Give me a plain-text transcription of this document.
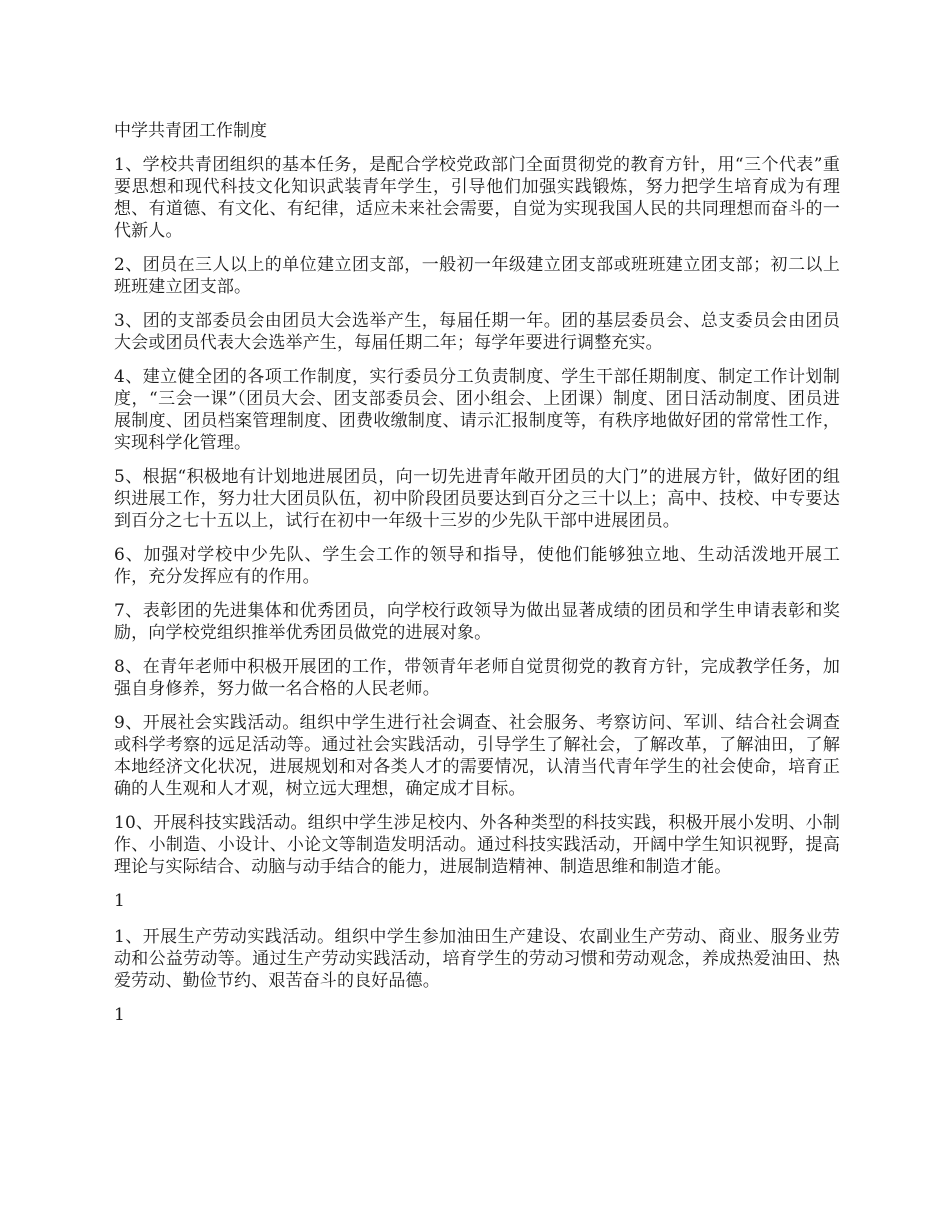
中学共青团工作制度

1、学校共青团组织的基本任务，是配合学校党政部门全面贯彻党的教育方针，用“三个代表”重要思想和现代科技文化知识武装青年学生，引导他们加强实践锻炼，努力把学生培育成为有理想、有道德、有文化、有纪律，适应未来社会需要，自觉为实现我国人民的共同理想而奋斗的一代新人。

2、团员在三人以上的单位建立团支部，一般初一年级建立团支部或班班建立团支部；初二以上班班建立团支部。

3、团的支部委员会由团员大会选举产生，每届任期一年。团的基层委员会、总支委员会由团员大会或团员代表大会选举产生，每届任期二年；每学年要进行调整充实。

4、建立健全团的各项工作制度，实行委员分工负责制度、学生干部任期制度、制定工作计划制度，“三会一课”（团员大会、团支部委员会、团小组会、上团课）制度、团日活动制度、团员进展制度、团员档案管理制度、团费收缴制度、请示汇报制度等，有秩序地做好团的常常性工作，实现科学化管理。

5、根据“积极地有计划地进展团员，向一切先进青年敞开团员的大门”的进展方针，做好团的组织进展工作，努力壮大团员队伍，初中阶段团员要达到百分之三十以上；高中、技校、中专要达到百分之七十五以上，试行在初中一年级十三岁的少先队干部中进展团员。

6、加强对学校中少先队、学生会工作的领导和指导，使他们能够独立地、生动活泼地开展工作，充分发挥应有的作用。

7、表彰团的先进集体和优秀团员，向学校行政领导为做出显著成绩的团员和学生申请表彰和奖励，向学校党组织推举优秀团员做党的进展对象。

8、在青年老师中积极开展团的工作，带领青年老师自觉贯彻党的教育方针，完成教学任务，加强自身修养，努力做一名合格的人民老师。

9、开展社会实践活动。组织中学生进行社会调查、社会服务、考察访问、军训、结合社会调查或科学考察的远足活动等。通过社会实践活动，引导学生了解社会，了解改革，了解油田，了解本地经济文化状况，进展规划和对各类人才的需要情况，认清当代青年学生的社会使命，培育正确的人生观和人才观，树立远大理想，确定成才目标。

10、开展科技实践活动。组织中学生涉足校内、外各种类型的科技实践，积极开展小发明、小制作、小制造、小设计、小论文等制造发明活动。通过科技实践活动，开阔中学生知识视野，提高理论与实际结合、动脑与动手结合的能力，进展制造精神、制造思维和制造才能。

1

1、开展生产劳动实践活动。组织中学生参加油田生产建设、农副业生产劳动、商业、服务业劳动和公益劳动等。通过生产劳动实践活动，培育学生的劳动习惯和劳动观念，养成热爱油田、热爱劳动、勤俭节约、艰苦奋斗的良好品德。

1
